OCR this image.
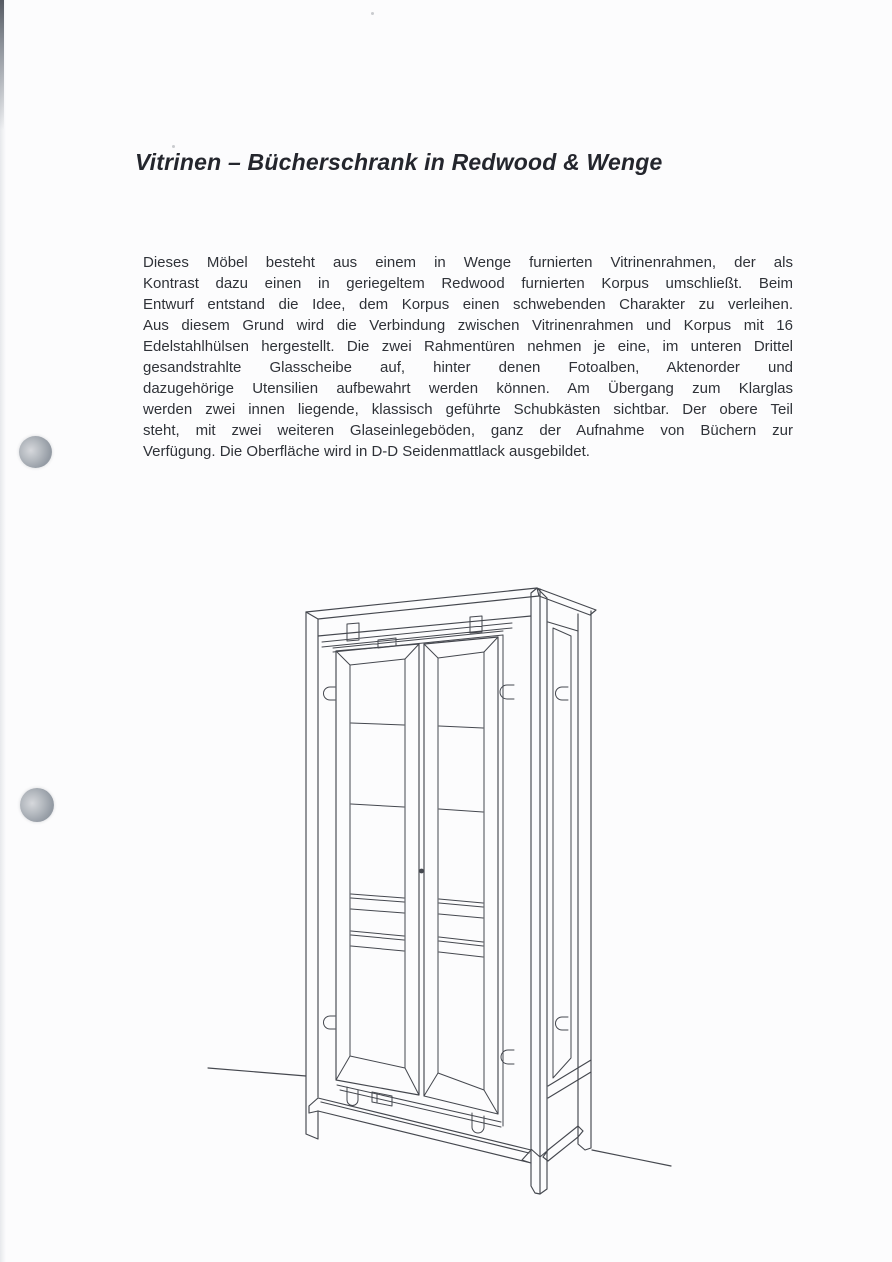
Vitrinen – Bücherschrank in Redwood & Wenge
Dieses Möbel besteht aus einem in Wenge furnierten Vitrinenrahmen, der als
Kontrast dazu einen in geriegeltem Redwood furnierten Korpus umschließt. Beim
Entwurf entstand die Idee, dem Korpus einen schwebenden Charakter zu verleihen.
Aus diesem Grund wird die Verbindung zwischen Vitrinenrahmen und Korpus mit 16
Edelstahlhülsen hergestellt. Die zwei Rahmentüren nehmen je eine, im unteren Drittel
gesandstrahlte Glasscheibe auf, hinter denen Fotoalben, Aktenorder und
dazugehörige Utensilien aufbewahrt werden können. Am Übergang zum Klarglas
werden zwei innen liegende, klassisch geführte Schubkästen sichtbar. Der obere Teil
steht, mit zwei weiteren Glaseinlegeböden, ganz der Aufnahme von Büchern zur
Verfügung. Die Oberfläche wird in D-D Seidenmattlack ausgebildet.
